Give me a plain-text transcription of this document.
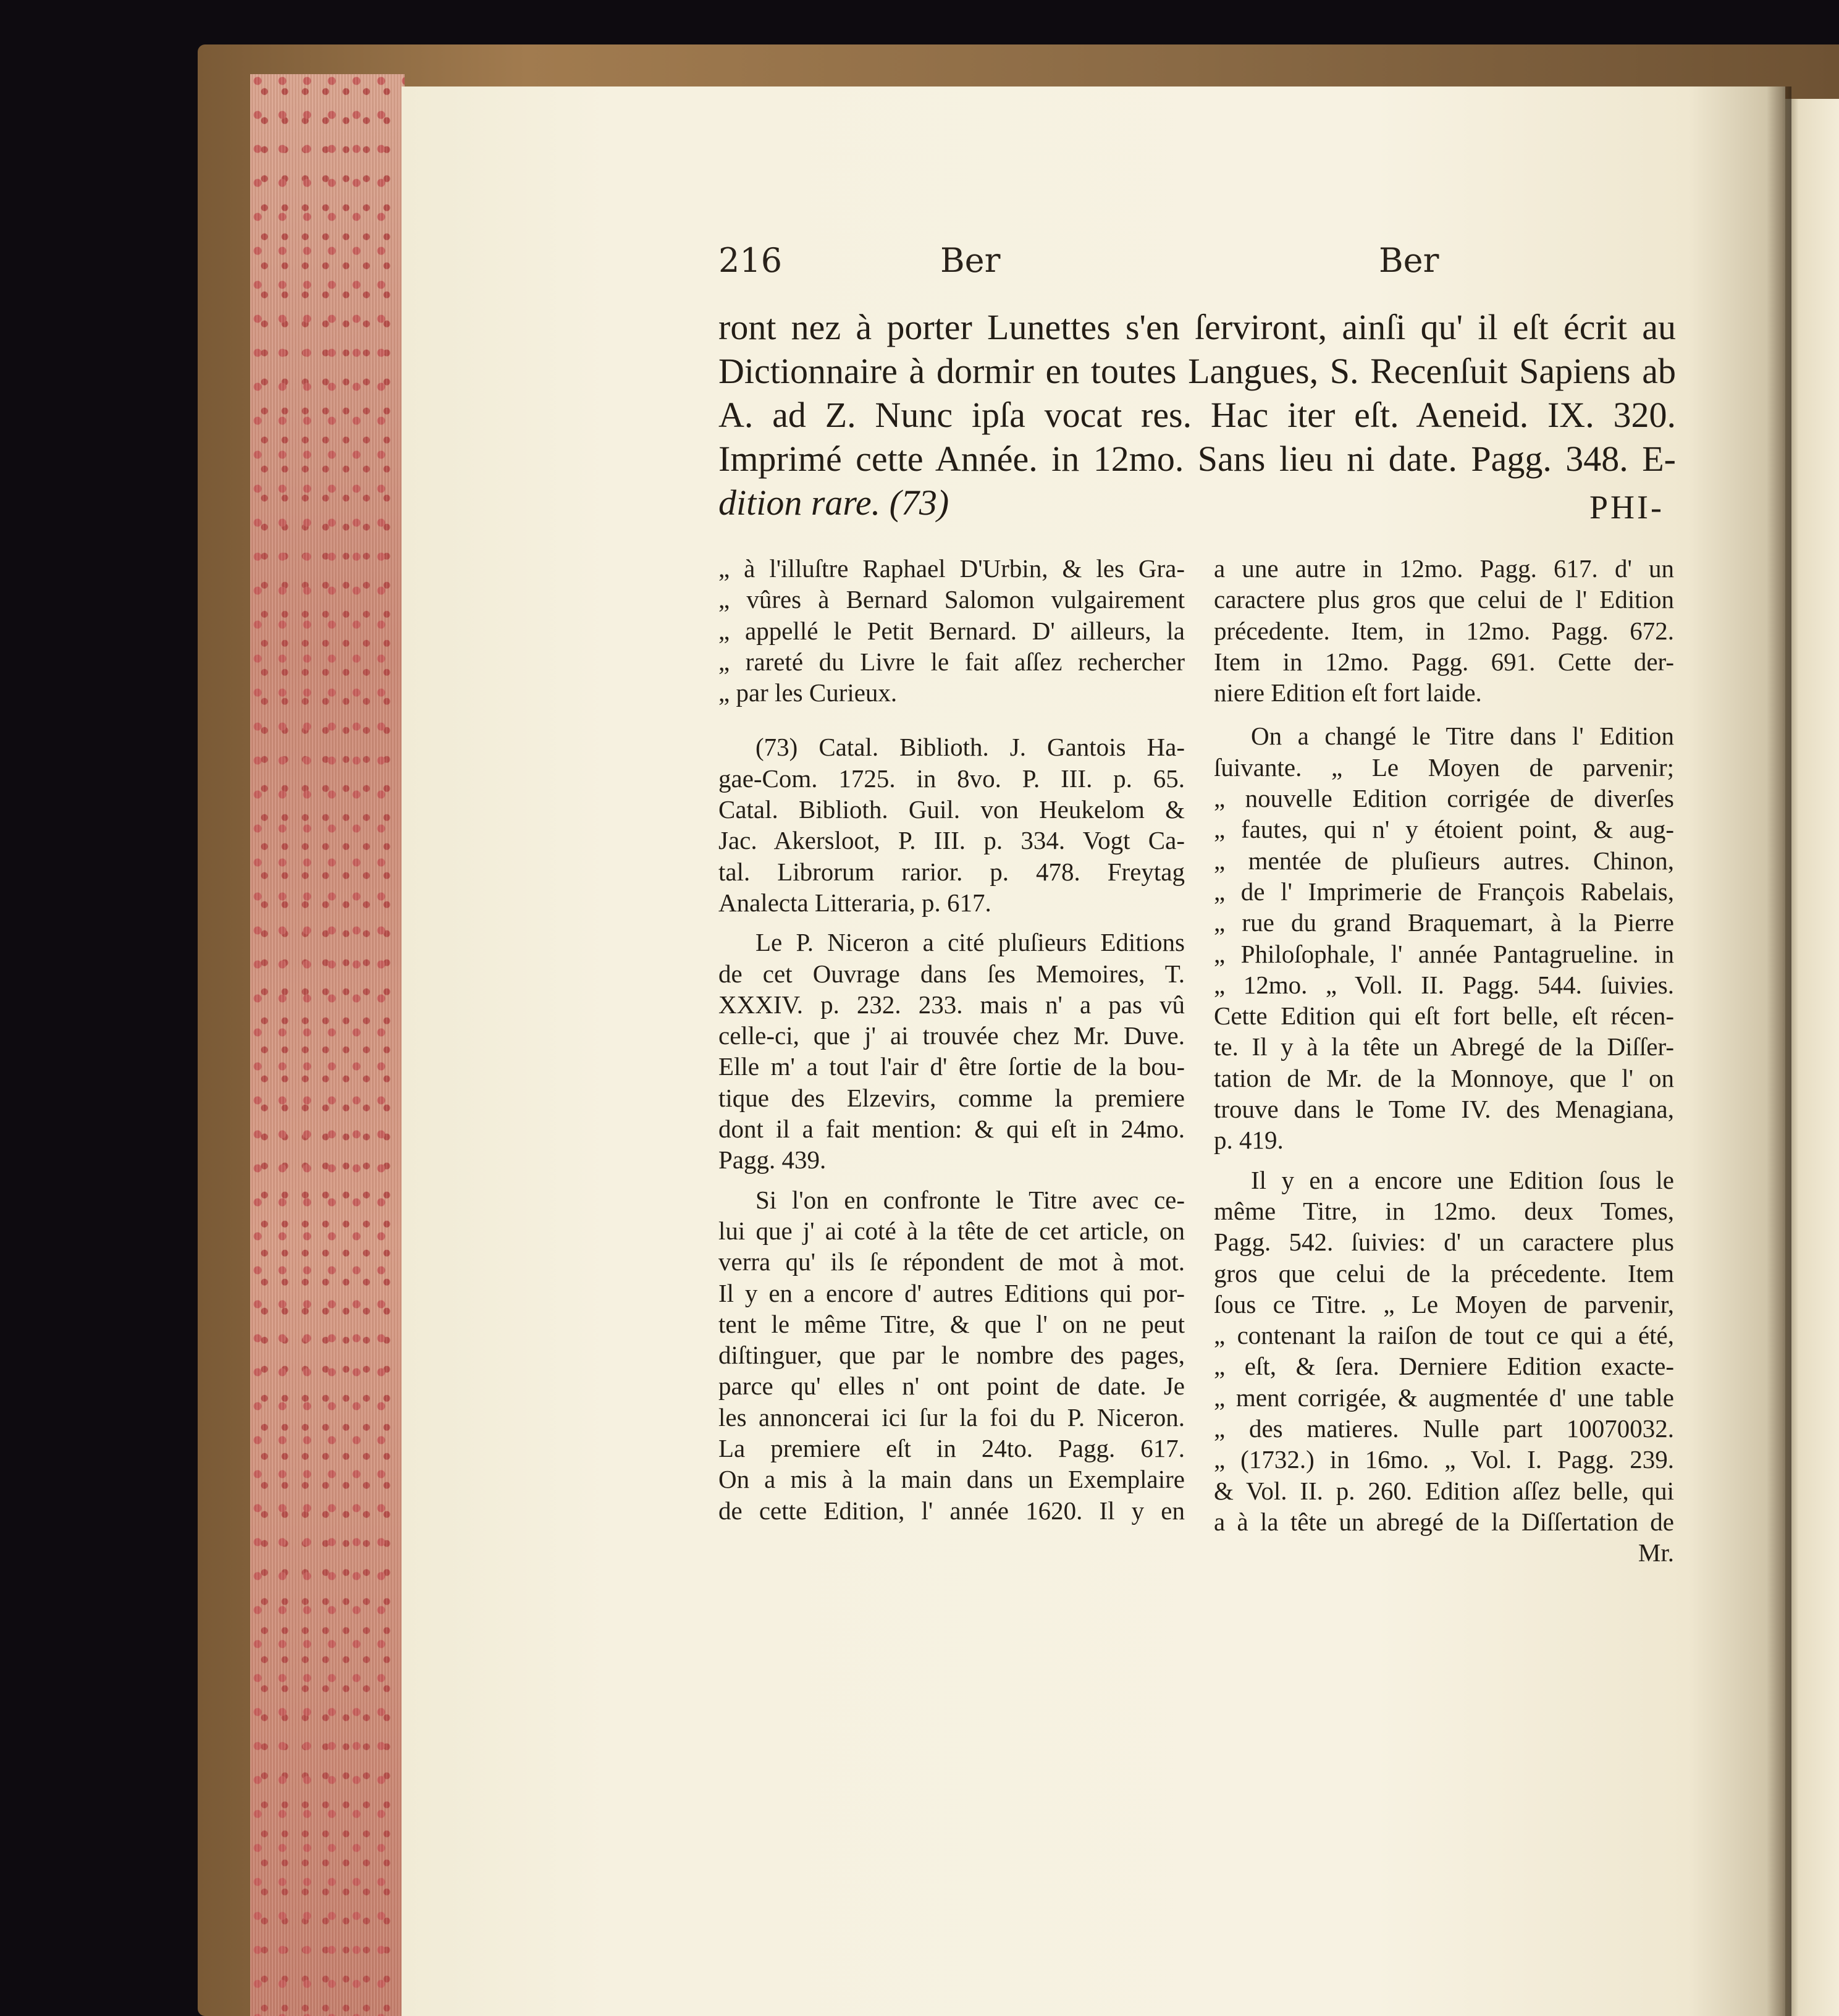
216	Ber	Ber
ront nez à porter Lunettes s'en ſerviront, ainſi qu' il eſt écrit au
Dictionnaire à dormir en toutes Langues, S. Recenſuit Sapiens ab
A. ad Z. Nunc ipſa vocat res. Hac iter eſt. Aeneid. IX. 320.
Imprimé cette Année. in 12mo. Sans lieu ni date. Pagg. 348. E-
dition rare. (73)	PHI-
„ à l'illuſtre Raphael D'Urbin, & les Gra-
„ vûres à Bernard Salomon vulgairement
„ appellé le Petit Bernard. D' ailleurs, la
„ rareté du Livre le fait aſſez rechercher
„ par les Curieux.
(73) Catal. Biblioth. J. Gantois Ha-
gae-Com. 1725. in 8vo. P. III. p. 65.
Catal. Biblioth. Guil. von Heukelom &
Jac. Akersloot, P. III. p. 334. Vogt Ca-
tal. Librorum rarior. p. 478. Freytag
Analecta Litteraria, p. 617.
Le P. Niceron a cité pluſieurs Editions
de cet Ouvrage dans ſes Memoires, T.
XXXIV. p. 232. 233. mais n' a pas vû
celle-ci, que j' ai trouvée chez Mr. Duve.
Elle m' a tout l'air d' être ſortie de la bou-
tique des Elzevirs, comme la premiere
dont il a fait mention: & qui eſt in 24mo.
Pagg. 439.
Si l'on en confronte le Titre avec ce-
lui que j' ai coté à la tête de cet article, on
verra qu' ils ſe répondent de mot à mot.
Il y en a encore d' autres Editions qui por-
tent le même Titre, & que l' on ne peut
diſtinguer, que par le nombre des pages,
parce qu' elles n' ont point de date. Je
les annoncerai ici ſur la foi du P. Niceron.
La premiere eſt in 24to. Pagg. 617.
On a mis à la main dans un Exemplaire
de cette Edition, l' année 1620. Il y en
a une autre in 12mo. Pagg. 617. d' un
caractere plus gros que celui de l' Edition
précedente. Item, in 12mo. Pagg. 672.
Item in 12mo. Pagg. 691. Cette der-
niere Edition eſt fort laide.
On a changé le Titre dans l' Edition
ſuivante. „ Le Moyen de parvenir;
„ nouvelle Edition corrigée de diverſes
„ fautes, qui n' y étoient point, & aug-
„ mentée de pluſieurs autres. Chinon,
„ de l' Imprimerie de François Rabelais,
„ rue du grand Braquemart, à la Pierre
„ Philoſophale, l' année Pantagrueline. in
„ 12mo. „ Voll. II. Pagg. 544. ſuivies.
Cette Edition qui eſt fort belle, eſt récen-
te. Il y à la tête un Abregé de la Diſſer-
tation de Mr. de la Monnoye, que l' on
trouve dans le Tome IV. des Menagiana,
p. 419.
Il y en a encore une Edition ſous le
même Titre, in 12mo. deux Tomes,
Pagg. 542. ſuivies: d' un caractere plus
gros que celui de la précedente. Item
ſous ce Titre. „ Le Moyen de parvenir,
„ contenant la raiſon de tout ce qui a été,
„ eſt, & ſera. Derniere Edition exacte-
„ ment corrigée, & augmentée d' une table
„ des matieres. Nulle part 10070032.
„ (1732.) in 16mo. „ Vol. I. Pagg. 239.
& Vol. II. p. 260. Edition aſſez belle, qui
a à la tête un abregé de la Diſſertation de
Mr.
